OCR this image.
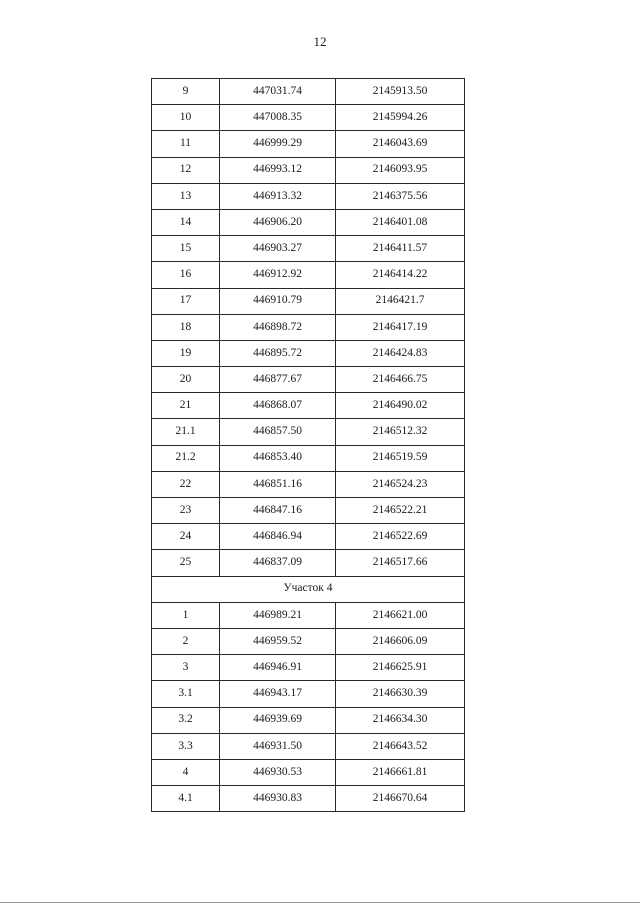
12
9	447031.74	2145913.50
10	447008.35	2145994.26
11	446999.29	2146043.69
12	446993.12	2146093.95
13	446913.32	2146375.56
14	446906.20	2146401.08
15	446903.27	2146411.57
16	446912.92	2146414.22
17	446910.79	2146421.7
18	446898.72	2146417.19
19	446895.72	2146424.83
20	446877.67	2146466.75
21	446868.07	2146490.02
21.1	446857.50	2146512.32
21.2	446853.40	2146519.59
22	446851.16	2146524.23
23	446847.16	2146522.21
24	446846.94	2146522.69
25	446837.09	2146517.66
Участок 4		
1	446989.21	2146621.00
2	446959.52	2146606.09
3	446946.91	2146625.91
3.1	446943.17	2146630.39
3.2	446939.69	2146634.30
3.3	446931.50	2146643.52
4	446930.53	2146661.81
4.1	446930.83	2146670.64
